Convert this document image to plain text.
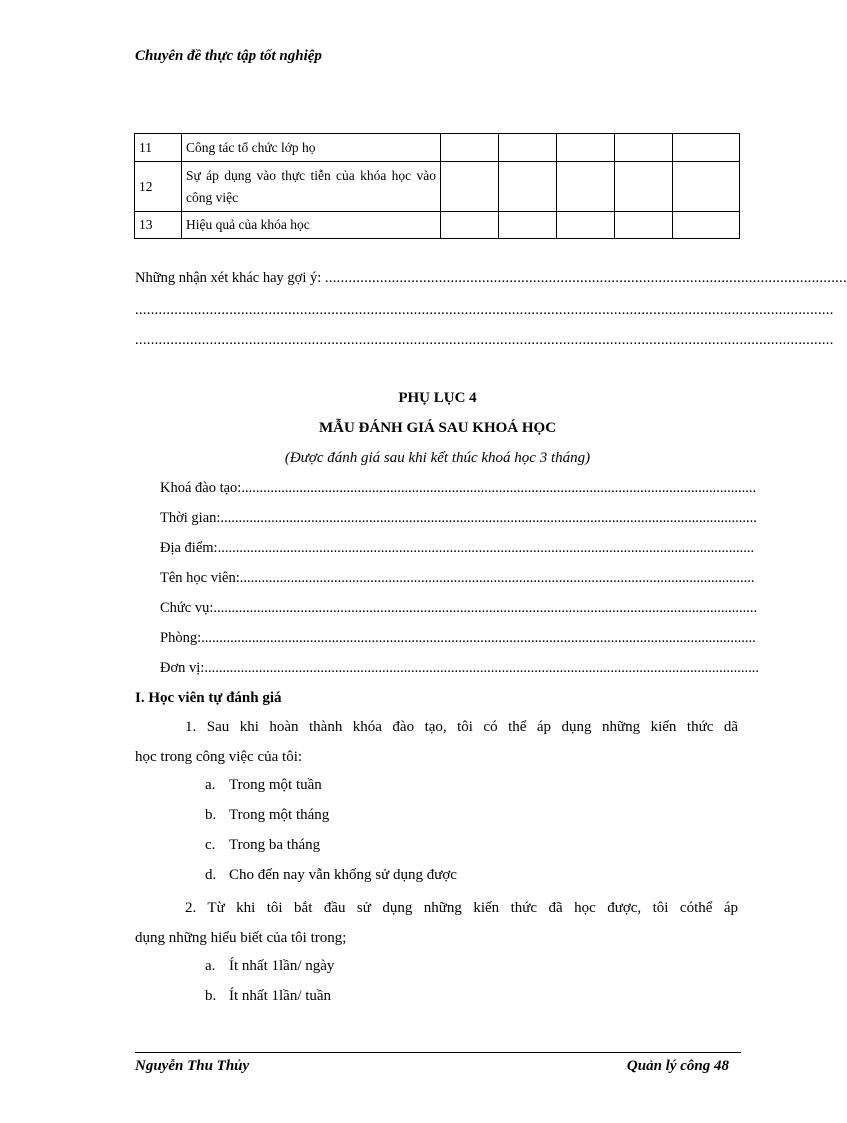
Chuyên đề thực tập tốt nghiệp
11	Công tác tổ chức lớp họ					
12	Sự áp dụng vào thực tiễn của khóa học vào công việc					
13	Hiệu quả của khóa học					
Những nhận xét khác hay gợi ý: .....................................................................................................................................
..................................................................................................................................................................................
..................................................................................................................................................................................
PHỤ LỤC 4
MẪU ĐÁNH GIÁ SAU KHOÁ HỌC
(Được đánh giá sau khi kết thúc khoá học 3 tháng)
Khoá đào tạo:..............................................................................................................................................
Thời gian:....................................................................................................................................................
Địa điểm:....................................................................................................................................................
Tên học viên:..............................................................................................................................................
Chức vụ:......................................................................................................................................................
Phòng:.........................................................................................................................................................
Đơn vị:.........................................................................................................................................................
I. Học viên tự đánh giá
1. Sau khi hoàn thành khóa đào tạo, tôi có thể áp dụng những kiến thức dã
học trong công việc của tôi:
a. Trong một tuần
b. Trong một tháng
c. Trong ba tháng
d. Cho đến nay vẫn khống sử dụng được
2. Từ khi tôi bắt đầu sử dụng những kiến thức đã học được, tôi cóthể áp
dụng những hiểu biết của tôi trong;
a. Ít nhất 1lần/ ngày
b. Ít nhất 1lần/ tuần
Nguyễn Thu Thủy	Quản lý công 48
